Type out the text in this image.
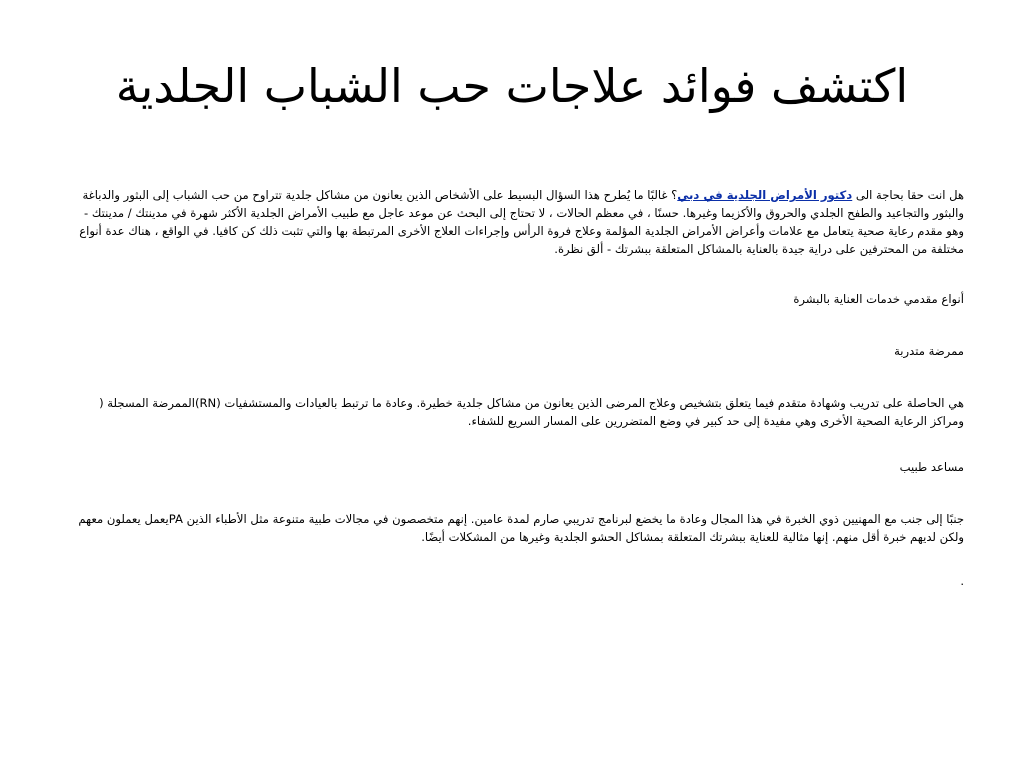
اكتشف فوائد علاجات حب الشباب الجلدية

هل انت حقا بحاجة الى دكتور الأمراض الجلدية في دبي؟ غالبًا ما يُطرح هذا السؤال البسيط على الأشخاص الذين يعانون من مشاكل جلدية تتراوح من حب الشباب إلى البثور والدباغة والبثور والتجاعيد والطفح الجلدي والحروق والأكزيما وغيرها. حسنًا ، في معظم الحالات ، لا تحتاج إلى البحث عن موعد عاجل مع طبيب الأمراض الجلدية الأكثر شهرة في مدينتك / مدينتك - وهو مقدم رعاية صحية يتعامل مع علامات وأعراض الأمراض الجلدية المؤلمة وعلاج فروة الرأس وإجراءات العلاج الأخرى المرتبطة بها والتي تثبت ذلك كن كافيا. في الواقع ، هناك عدة أنواع مختلفة من المحترفين على دراية جيدة بالعناية بالمشاكل المتعلقة ببشرتك - ألق نظرة.

أنواع مقدمي خدمات العناية بالبشرة

ممرضة متدربة

هي الحاصلة على تدريب وشهادة متقدم فيما يتعلق بتشخيص وعلاج المرضى الذين يعانون من مشاكل جلدية خطيرة. وعادة ما ترتبط بالعيادات والمستشفيات (RN)الممرضة المسجلة ( ومراكز الرعاية الصحية الأخرى وهي مفيدة إلى حد كبير في وضع المتضررين على المسار السريع للشفاء.

مساعد طبيب

جنبًا إلى جنب مع المهنيين ذوي الخبرة في هذا المجال وعادة ما يخضع لبرنامج تدريبي صارم لمدة عامين. إنهم متخصصون في مجالات طبية متنوعة مثل الأطباء الذين PAيعمل يعملون معهم ولكن لديهم خبرة أقل منهم. إنها مثالية للعناية ببشرتك المتعلقة بمشاكل الحشو الجلدية وغيرها من المشكلات أيضًا.

.
